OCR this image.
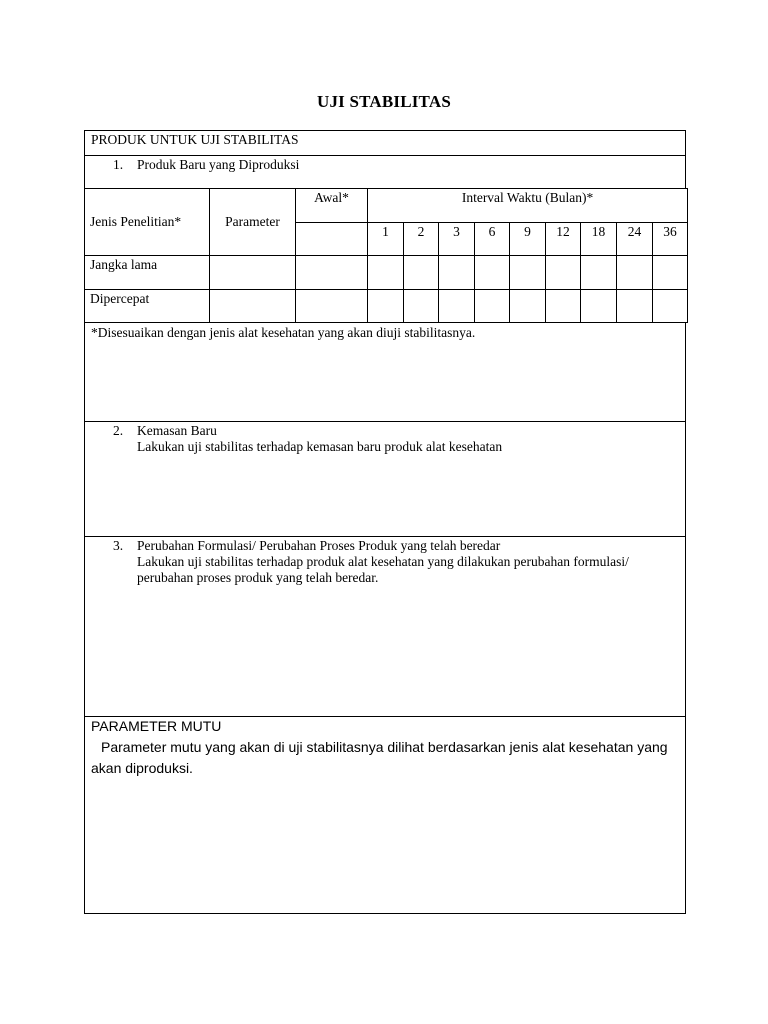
UJI STABILITAS
PRODUK UNTUK UJI STABILITAS
1. Produk Baru yang Diproduksi
Jenis Penelitian*	Parameter	Awal*	Interval Waktu (Bulan)*								
			1	2	3	6	9	12	18	24	36
Jangka lama											
Dipercepat											
*Disesuaikan dengan jenis alat kesehatan yang akan diuji stabilitasnya.
2. Kemasan Baru
Lakukan uji stabilitas terhadap kemasan baru produk alat kesehatan
3. Perubahan Formulasi/ Perubahan Proses Produk yang telah beredar
Lakukan uji stabilitas terhadap produk alat kesehatan yang dilakukan perubahan formulasi/
perubahan proses produk yang telah beredar.
PARAMETER MUTU
Parameter mutu yang akan di uji stabilitasnya dilihat berdasarkan jenis alat kesehatan yang
akan diproduksi.
